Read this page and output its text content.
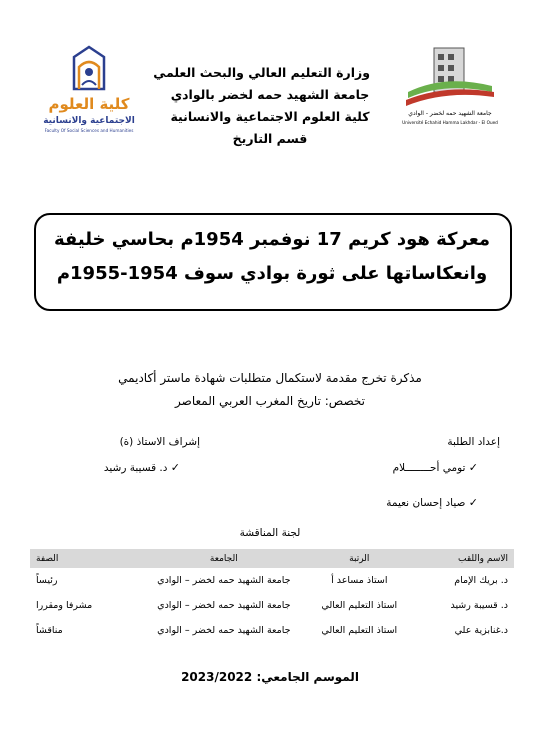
كلية العلوم
الاجتماعية والانسانية
Faculty Of Social Sciences and Humanities
جامعة الشهيد حمه لخضر - الوادي
Université Echahid Hamma Lakhdar - El Oued
وزارة التعليم العالي والبحث العلمي
جامعة الشهيد حمه لخضر بالوادي
كلية العلوم الاجتماعية والانسانية
قسم التاريخ
معركة هود كريم 17 نوفمبر 1954م بحاسي خليفة
وانعكاساتها على ثورة بوادي سوف 1954-1955م
مذكرة تخرج مقدمة لاستكمال متطلبات شهادة ماستر أكاديمي
تخصص: تاريخ المغرب العربي المعاصر
إعداد الطلبة
✓ تومي أحــــــــلام
✓ صياد إحسان نعيمة
إشراف الاستاذ (ة)
✓ د. قسيبة رشيد
لجنة المناقشة
الاسم واللقب	الرتبة	الجامعة	الصفة
د. بريك الإمام	استاذ مساعد أ	جامعة الشهيد حمه لخضر – الوادي	رئيساً
د. قسيبة رشيد	استاذ التعليم العالي	جامعة الشهيد حمه لخضر – الوادي	مشرفا ومقررا
د.غنابزية علي	استاذ التعليم العالي	جامعة الشهيد حمه لخضر – الوادي	مناقشاً
الموسم الجامعي: 2023/2022
